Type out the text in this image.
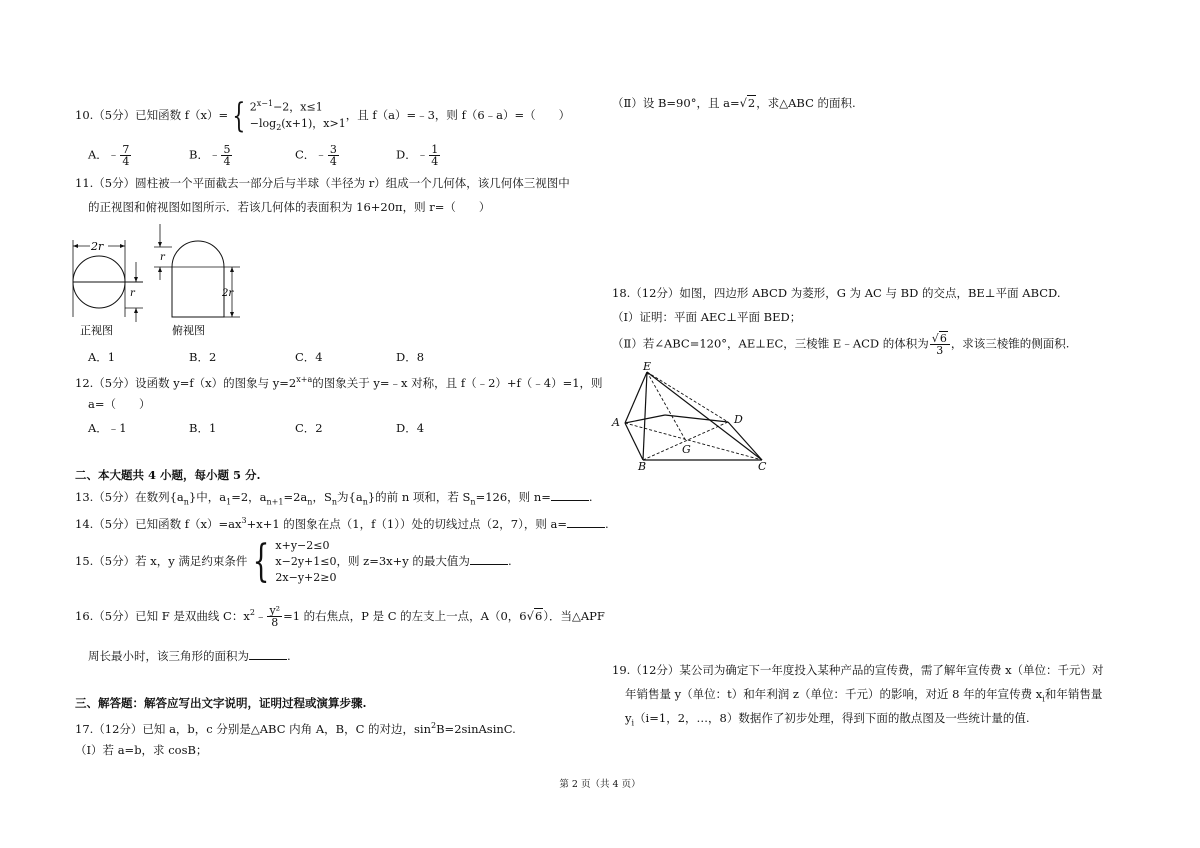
10.（5分）已知函数 f（x）= { $2^{x-1}-2$，x≤1
$-\log_2(x+1)$，x>1，且 f（a）=﹣3，则 f（6﹣a）=（　　）
A．﹣ $\frac{7}{4}$	B．﹣ $\frac{5}{4}$	C．﹣ $\frac{3}{4}$	D．﹣ $\frac{1}{4}$
11.（5分）圆柱被一个平面截去一部分后与半球（半径为 r）组成一个几何体，该几何体三视图中
的正视图和俯视图如图所示．若该几何体的表面积为 16+20π，则 r=（　　）
2r
r
r
2r
正视图	俯视图
A．1	B．2	C．4	D．8
12.（5分）设函数 y=f（x）的图象与 $y=2^{x+a}$的图象关于 y=﹣x 对称，且 f（﹣2）+f（﹣4）=1，则
a=（　　）
A．﹣1	B．1	C．2	D．4
二、本大题共 4 小题，每小题 5 分.
13.（5分）在数列$\{a_n\}$中，$a_1=2$，$a_{n+1}=2a_n$，$S_n$为$\{a_n\}$的前 n 项和，若 $S_n=126$，则 n=	.
14.（5分）已知函数 $f(x)=ax^3+x+1$ 的图象在点（1，f（1））处的切线过点（2，7），则 a=	.
15.（5分）若 x，y 满足约束条件 { x+y−2≤0
x−2y+1≤0
2x−y+2≥0，则 z=3x+y 的最大值为	.
16.（5分）已知 F 是双曲线 C：$x^2﹣ \frac{\text{y²}}{8} =1$ 的右焦点，P 是 C 的左支上一点，A（0，6√6）．当△APF
周长最小时，该三角形的面积为	.
三、解答题：解答应写出文字说明，证明过程或演算步骤.
17.（12分）已知 a，b，c 分别是△ABC 内角 A，B，C 的对边，$\sin^2B=2sinAsinC$.
（Ⅰ）若 a=b，求 cosB；
（Ⅱ）设 B=90°，且 a=√2，求△ABC 的面积.
18.（12分）如图，四边形 ABCD 为菱形，G 为 AC 与 BD 的交点，BE⊥平面 ABCD.
（Ⅰ）证明：平面 AEC⊥平面 BED；
（Ⅱ）若∠ABC=120°，AE⊥EC，三棱锥 E﹣ACD 的体积为 $\frac{√6}{3}$ ，求该三棱锥的侧面积.
E
A	D
G
B	C
19.（12分）某公司为确定下一年度投入某种产品的宣传费，需了解年宣传费 x（单位：千元）对
年销售量 y（单位：t）和年利润 z（单位：千元）的影响，对近 8 年的年宣传费 $x_i$和年销售量
$y_i(i=1$，2，…，8）数据作了初步处理，得到下面的散点图及一些统计量的值.
第 2 页（共 4 页）
